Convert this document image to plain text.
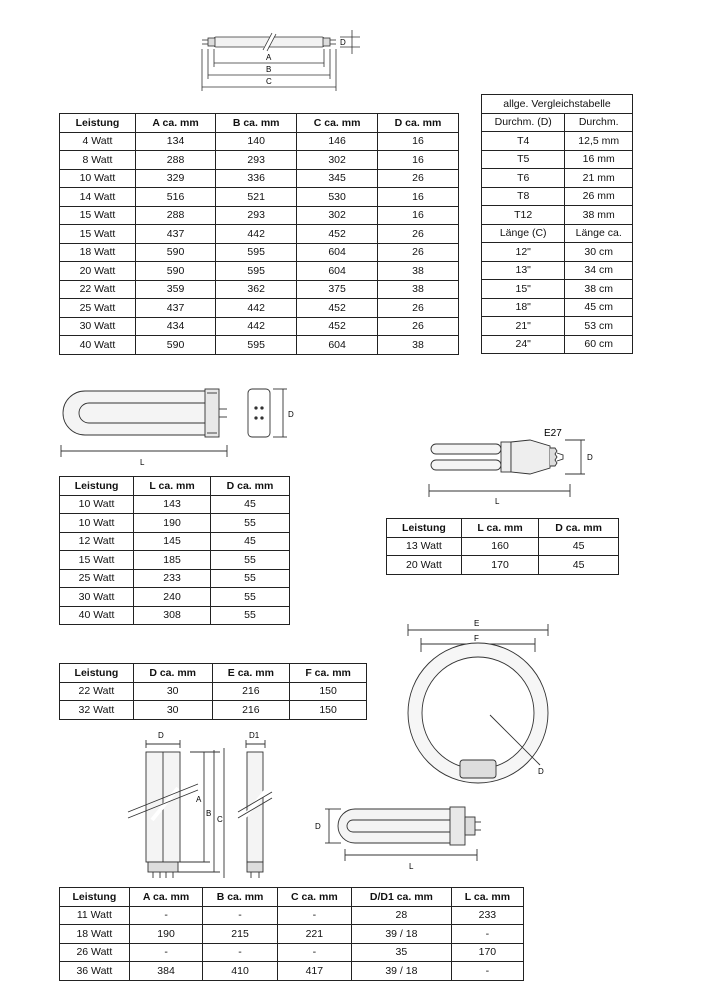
D
A
B
C
Leistung	A ca. mm	B ca. mm	C ca. mm	D ca. mm
4 Watt	134	140	146	16
8 Watt	288	293	302	16
10 Watt	329	336	345	26
14 Watt	516	521	530	16
15 Watt	288	293	302	16
15 Watt	437	442	452	26
18 Watt	590	595	604	26
20 Watt	590	595	604	38
22 Watt	359	362	375	38
25 Watt	437	442	452	26
30 Watt	434	442	452	26
40 Watt	590	595	604	38
allge. Vergleichstabelle	
Durchm. (D)	Durchm.
T4	12,5 mm
T5	16 mm
T6	21 mm
T8	26 mm
T12	38 mm
Länge (C)	Länge ca.
12"	30 cm
13"	34 cm
15"	38 cm
18"	45 cm
21"	53 cm
24"	60 cm
D
L
Leistung	L ca. mm	D ca. mm
10 Watt	143	45
10 Watt	190	55
12 Watt	145	45
15 Watt	185	55
25 Watt	233	55
30 Watt	240	55
40 Watt	308	55
E27
D
L
Leistung	L ca. mm	D ca. mm
13 Watt	160	45
20 Watt	170	45
E
F
D
Leistung	D ca. mm	E ca. mm	F ca. mm
22 Watt	30	216	150
32 Watt	30	216	150
D	D1
A
B
C
D
L
Leistung	A ca. mm	B ca. mm	C ca. mm	D/D1 ca. mm	L ca. mm
11 Watt	-	-	-	28	233
18 Watt	190	215	221	39 / 18	-
26 Watt	-	-	-	35	170
36 Watt	384	410	417	39 / 18	-
